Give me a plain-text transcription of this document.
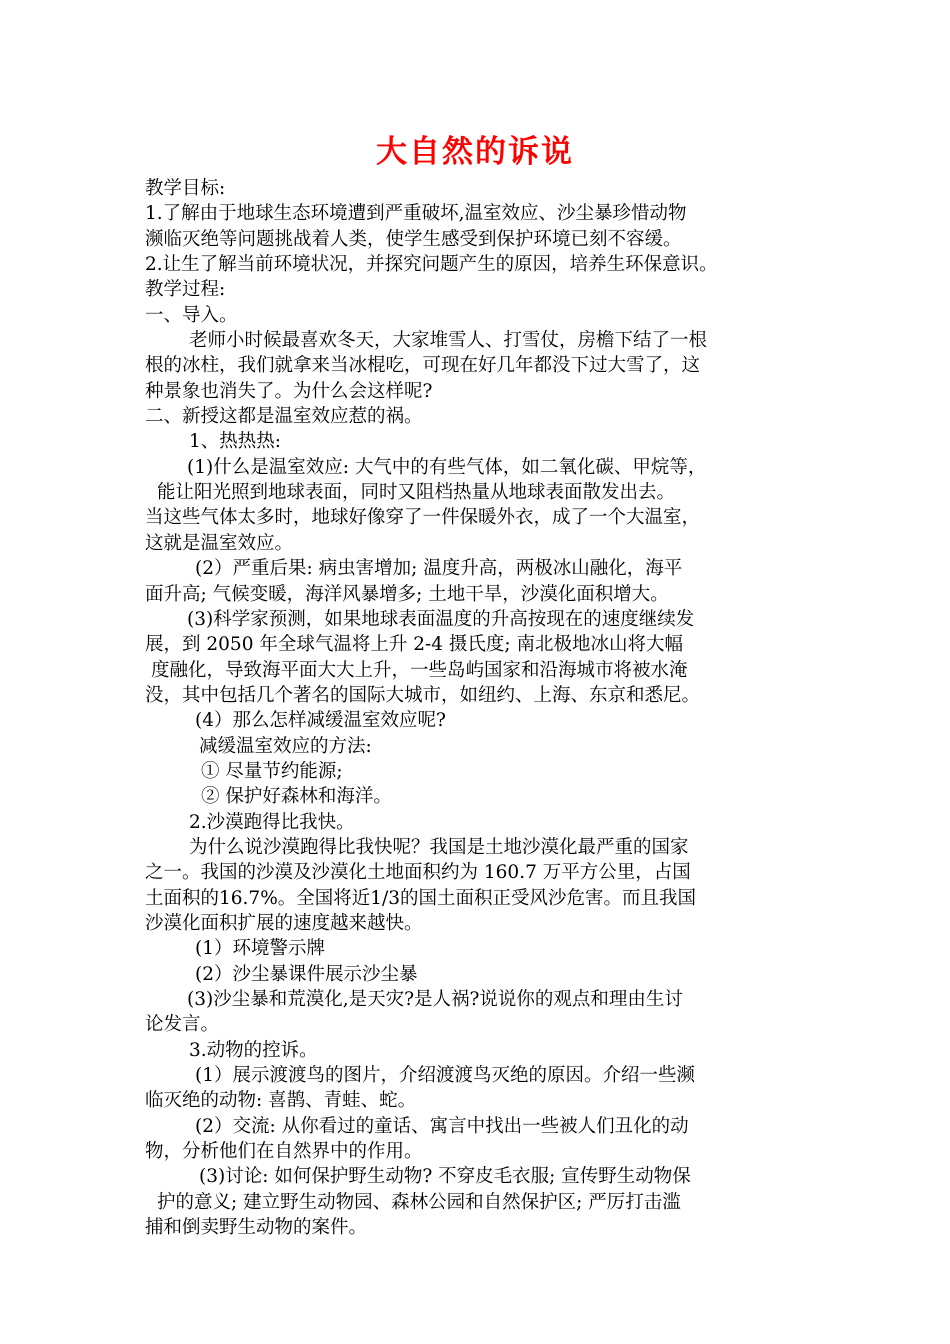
大自然的诉说
教学目标:
1.了解由于地球生态环境遭到严重破坏,温室效应、沙尘暴珍惜动物
濒临灭绝等问题挑战着人类，使学生感受到保护环境已刻不容缓。
2.让生了解当前环境状况，并探究问题产生的原因，培养生环保意识。
教学过程:
一、导入。
老师小时候最喜欢冬天，大家堆雪人、打雪仗，房檐下结了一根
根的冰柱，我们就拿来当冰棍吃，可现在好几年都没下过大雪了，这
种景象也消失了。为什么会这样呢?
二、新授这都是温室效应惹的祸。
1、热热热:
(1)什么是温室效应: 大气中的有些气体，如二氧化碳、甲烷等，
能让阳光照到地球表面，同时又阻档热量从地球表面散发出去。
当这些气体太多时，地球好像穿了一件保暖外衣，成了一个大温室，
这就是温室效应。
(2）严重后果: 病虫害增加; 温度升高，两极冰山融化，海平
面升高; 气候变暖，海洋风暴增多; 土地干旱，沙漠化面积增大。
(3)科学家预测，如果地球表面温度的升高按现在的速度继续发
展，到 2050 年全球气温将上升 2-4 摄氏度; 南北极地冰山将大幅
度融化，导致海平面大大上升，一些岛屿国家和沿海城市将被水淹
没，其中包括几个著名的国际大城市，如纽约、上海、东京和悉尼。
(4）那么怎样减缓温室效应呢?
减缓温室效应的方法:
① 尽量节约能源;
② 保护好森林和海洋。
2.沙漠跑得比我快。
为什么说沙漠跑得比我快呢？我国是土地沙漠化最严重的国家
之一。我国的沙漠及沙漠化土地面积约为 160.7 万平方公里，占国
土面积的16.7%。全国将近1/3的国土面积正受风沙危害。而且我国
沙漠化面积扩展的速度越来越快。
(1）环境警示牌
(2）沙尘暴课件展示沙尘暴
(3)沙尘暴和荒漠化,是天灾?是人祸?说说你的观点和理由生讨
论发言。
3.动物的控诉。
(1）展示渡渡鸟的图片，介绍渡渡鸟灭绝的原因。介绍一些濒
临灭绝的动物: 喜鹊、青蛙、蛇。
(2）交流: 从你看过的童话、寓言中找出一些被人们丑化的动
物，分析他们在自然界中的作用。
(3)讨论: 如何保护野生动物? 不穿皮毛衣服; 宣传野生动物保
护的意义; 建立野生动物园、森林公园和自然保护区; 严厉打击滥
捕和倒卖野生动物的案件。
